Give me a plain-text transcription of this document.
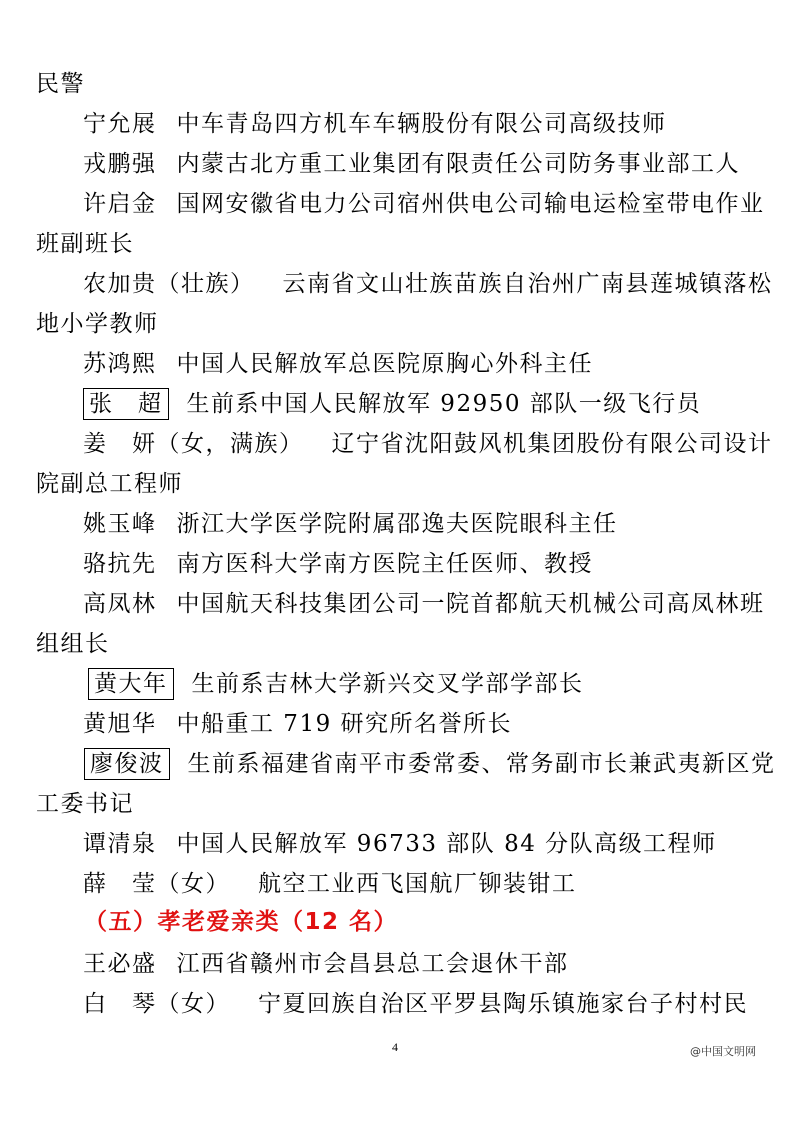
民警
宁允展 中车青岛四方机车车辆股份有限公司高级技师
戎鹏强 内蒙古北方重工业集团有限责任公司防务事业部工人
许启金 国网安徽省电力公司宿州供电公司输电运检室带电作业
班副班长
农加贵（壮族） 云南省文山壮族苗族自治州广南县莲城镇落松
地小学教师
苏鸿熙 中国人民解放军总医院原胸心外科主任
张　超 生前系中国人民解放军 92950 部队一级飞行员
姜　妍（女，满族） 辽宁省沈阳鼓风机集团股份有限公司设计
院副总工程师
姚玉峰 浙江大学医学院附属邵逸夫医院眼科主任
骆抗先 南方医科大学南方医院主任医师、教授
高凤林 中国航天科技集团公司一院首都航天机械公司高凤林班
组组长
黄大年 生前系吉林大学新兴交叉学部学部长
黄旭华 中船重工 719 研究所名誉所长
廖俊波 生前系福建省南平市委常委、常务副市长兼武夷新区党
工委书记
谭清泉 中国人民解放军 96733 部队 84 分队高级工程师
薛　莹（女） 航空工业西飞国航厂铆装钳工
（五）孝老爱亲类（12 名）
王必盛 江西省赣州市会昌县总工会退休干部
白　琴（女） 宁夏回族自治区平罗县陶乐镇施家台子村村民
4	@中国文明网
